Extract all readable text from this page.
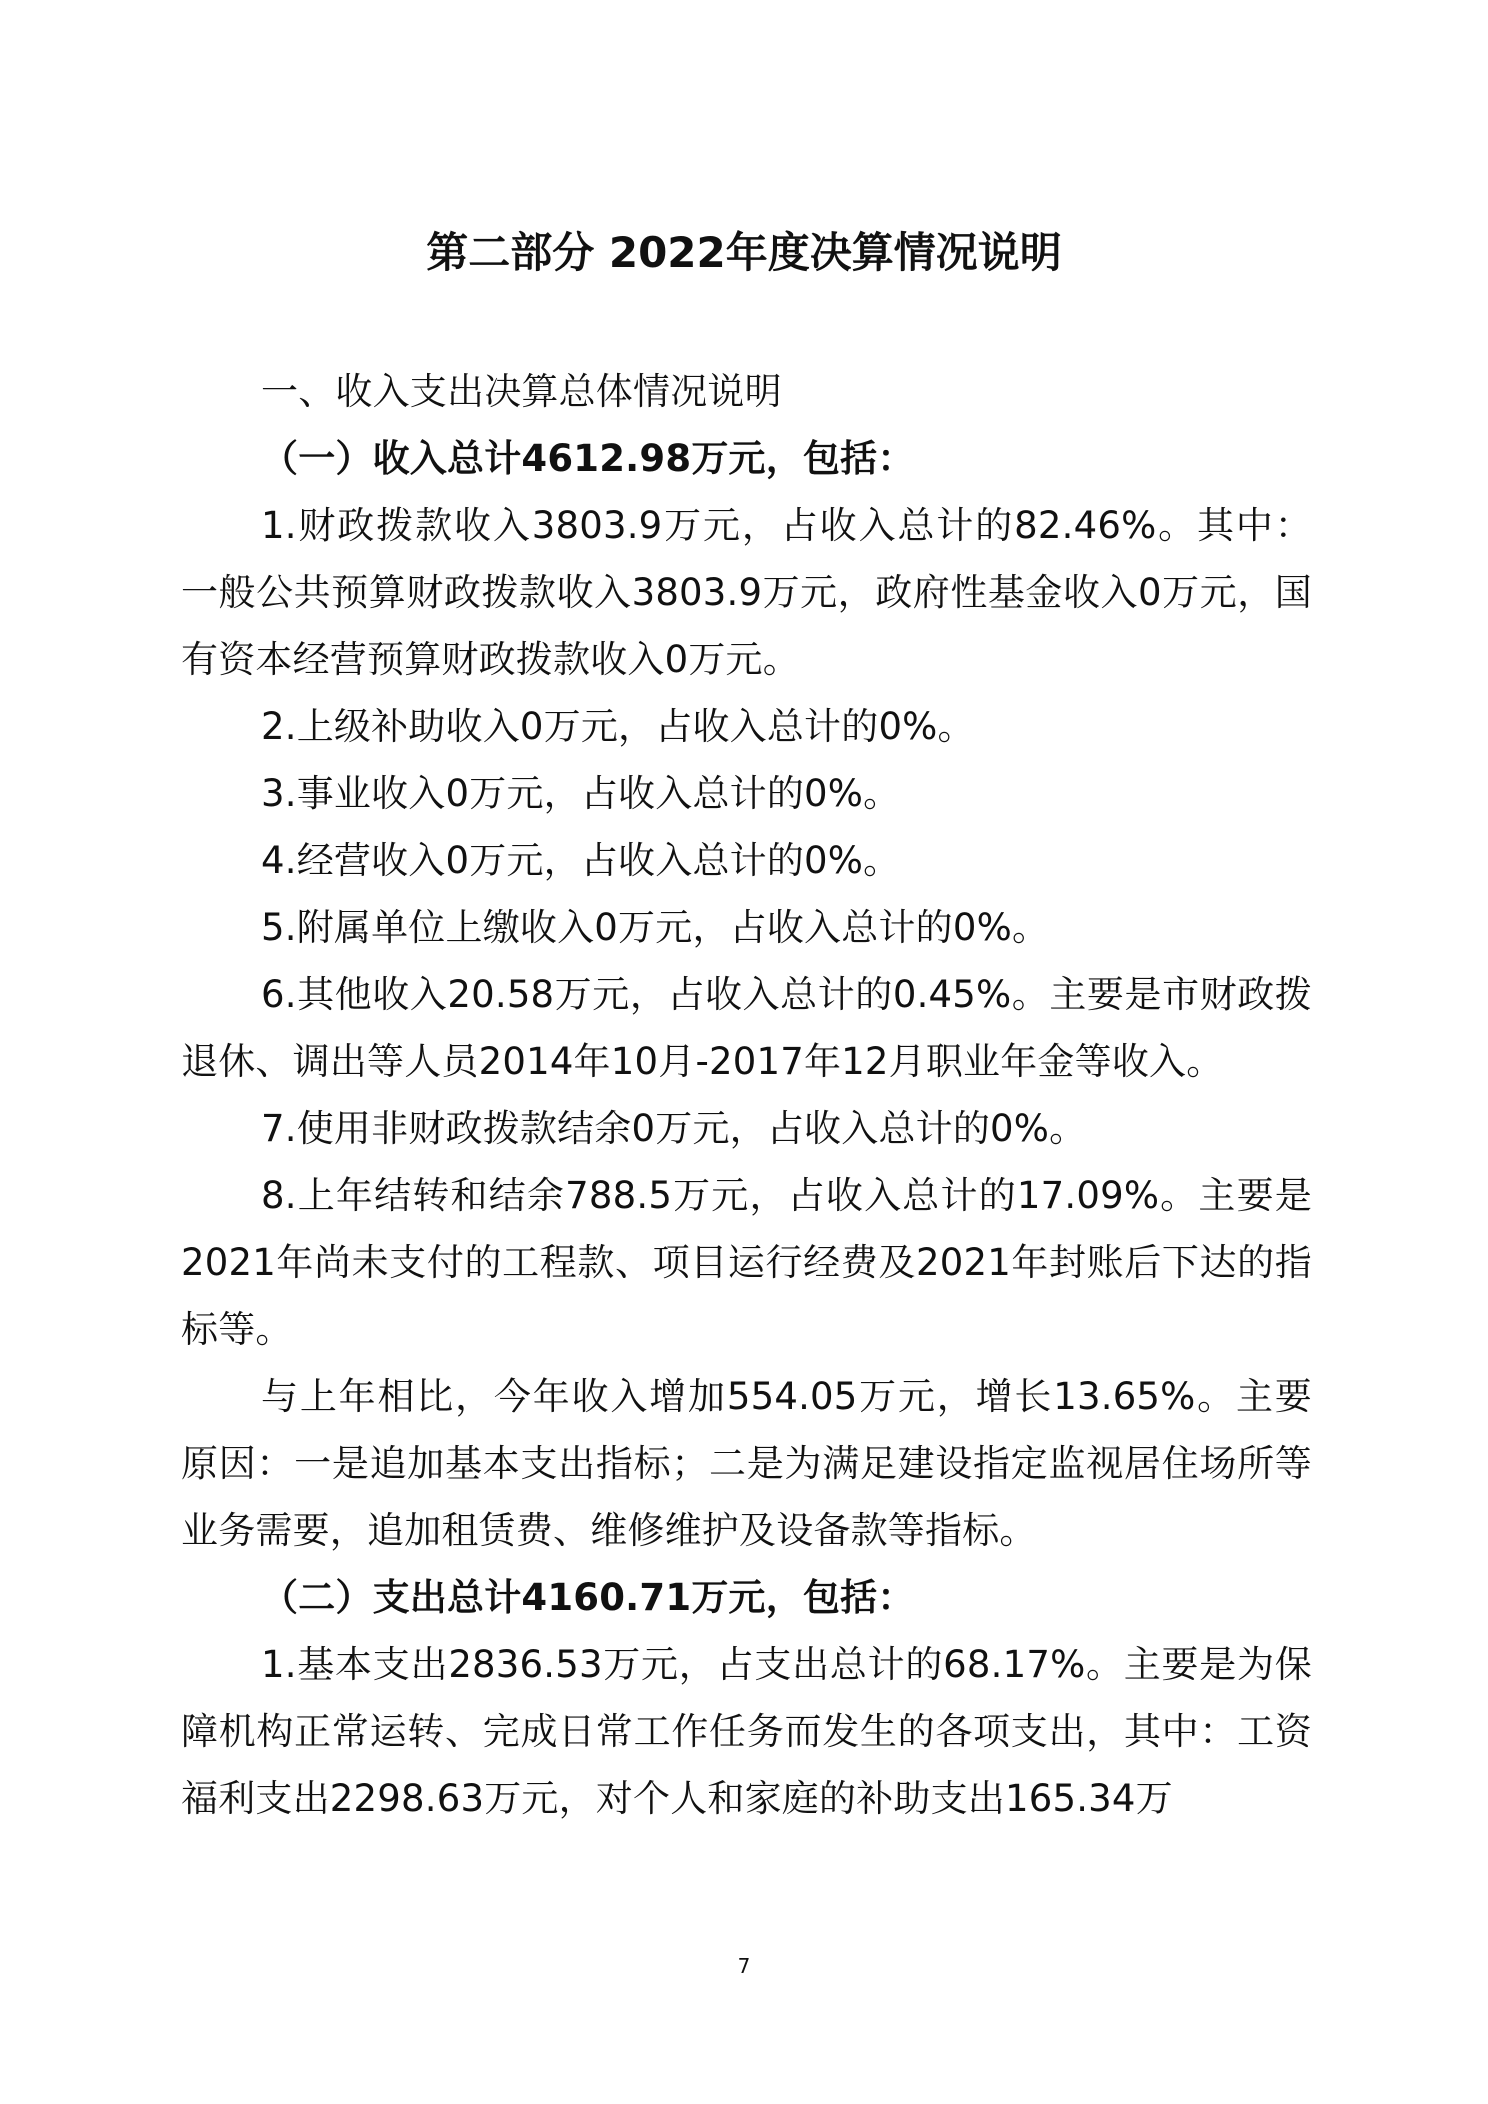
第二部分 2022年度决算情况说明

一、收入支出决算总体情况说明

（一）收入总计4612.98万元，包括：

1.财政拨款收入3803.9万元，占收入总计的82.46%。其中：一般公共预算财政拨款收入3803.9万元，政府性基金收入0万元，国有资本经营预算财政拨款收入0万元。

2.上级补助收入0万元，占收入总计的0%。

3.事业收入0万元，占收入总计的0%。

4.经营收入0万元，占收入总计的0%。

5.附属单位上缴收入0万元，占收入总计的0%。

6.其他收入20.58万元，占收入总计的0.45%。主要是市财政拨退休、调出等人员2014年10月-2017年12月职业年金等收入。

7.使用非财政拨款结余0万元，占收入总计的0%。

8.上年结转和结余788.5万元，占收入总计的17.09%。主要是2021年尚未支付的工程款、项目运行经费及2021年封账后下达的指标等。

与上年相比，今年收入增加554.05万元，增长13.65%。主要原因：一是追加基本支出指标；二是为满足建设指定监视居住场所等业务需要，追加租赁费、维修维护及设备款等指标。

（二）支出总计4160.71万元，包括：

1.基本支出2836.53万元，占支出总计的68.17%。主要是为保障机构正常运转、完成日常工作任务而发生的各项支出，其中：工资福利支出2298.63万元，对个人和家庭的补助支出165.34万

7
